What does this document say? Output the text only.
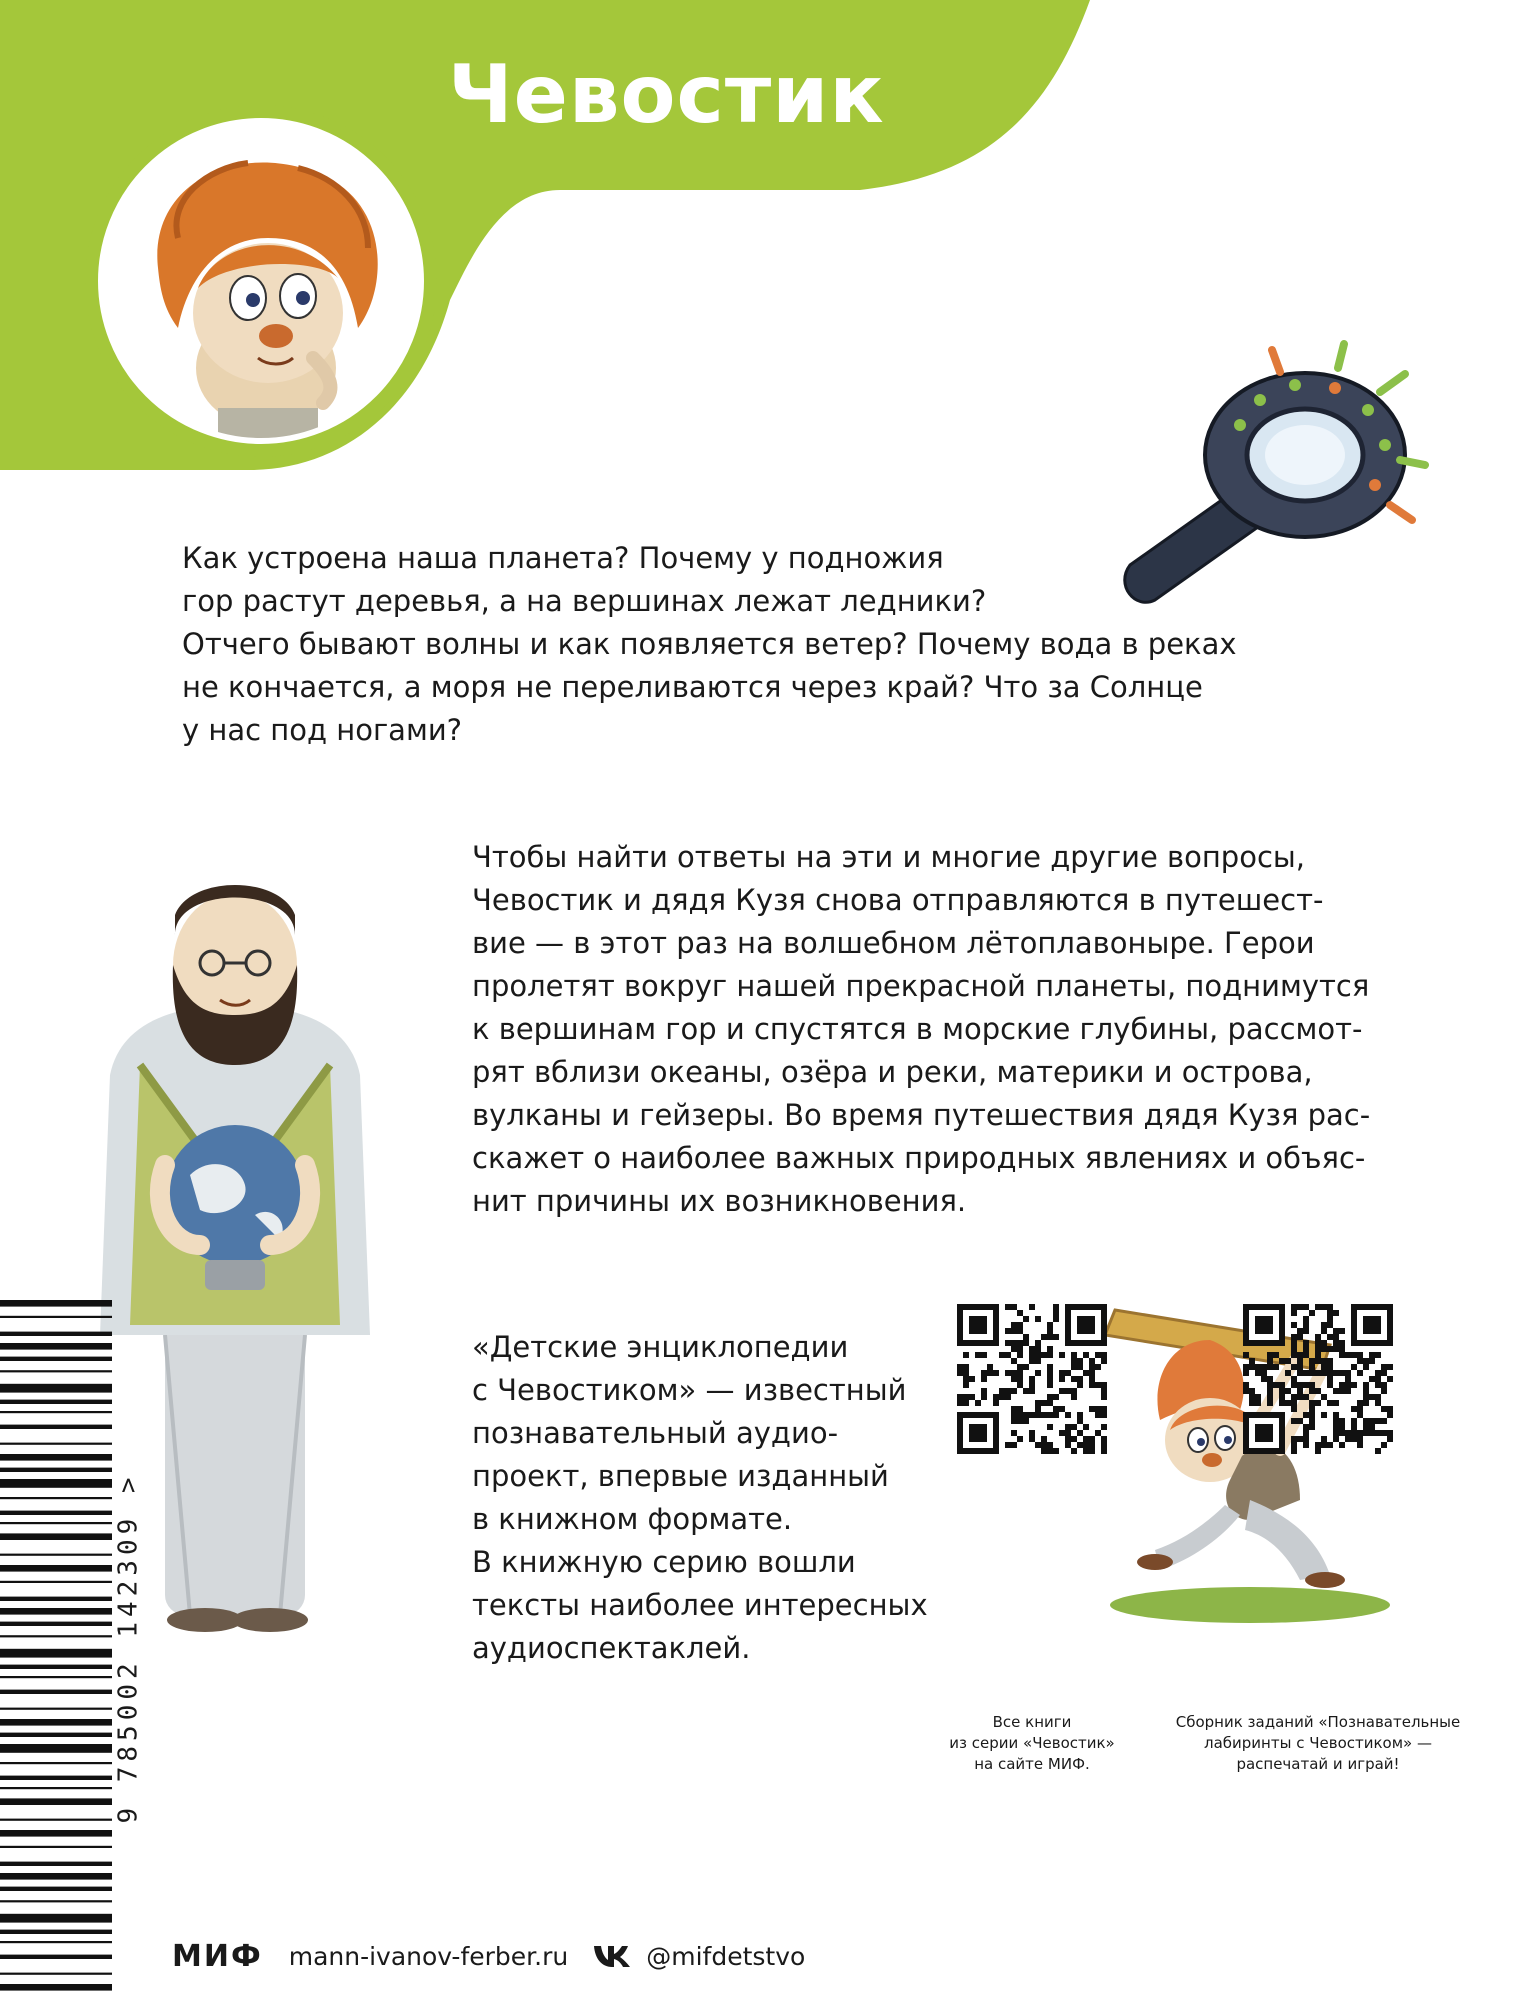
Чевостик
Как устроена наша планета? Почему у подножия
гор растут деревья, а на вершинах лежат ледники?
Отчего бывают волны и как появляется ветер? Почему вода в реках
не кончается, а моря не переливаются через край? Что за Солнце
у нас под ногами?
Чтобы найти ответы на эти и многие другие вопросы,
Чевостик и дядя Кузя снова отправляются в путешест-
вие — в этот раз на волшебном лётоплавоныре. Герои
пролетят вокруг нашей прекрасной планеты, поднимутся
к вершинам гор и спустятся в морские глубины, рассмот-
рят вблизи океаны, озёра и реки, материки и острова,
вулканы и гейзеры. Во время путешествия дядя Кузя рас-
скажет о наиболее важных природных явлениях и объяс-
нит причины их возникновения.
«Детские энциклопедии
с Чевостиком» — известный
познавательный аудио-
проект, впервые изданный
в книжном формате.
В книжную серию вошли
тексты наиболее интересных
аудиоспектаклей.
9 785002 142309 >	Все книги
из серии «Чевостик»
на сайте МИФ.
Сборник заданий «Познавательные
лабиринты с Чевостиком» —
распечатай и играй!
МИФ mann-ivanov-ferber.ru	@mifdetstvo
